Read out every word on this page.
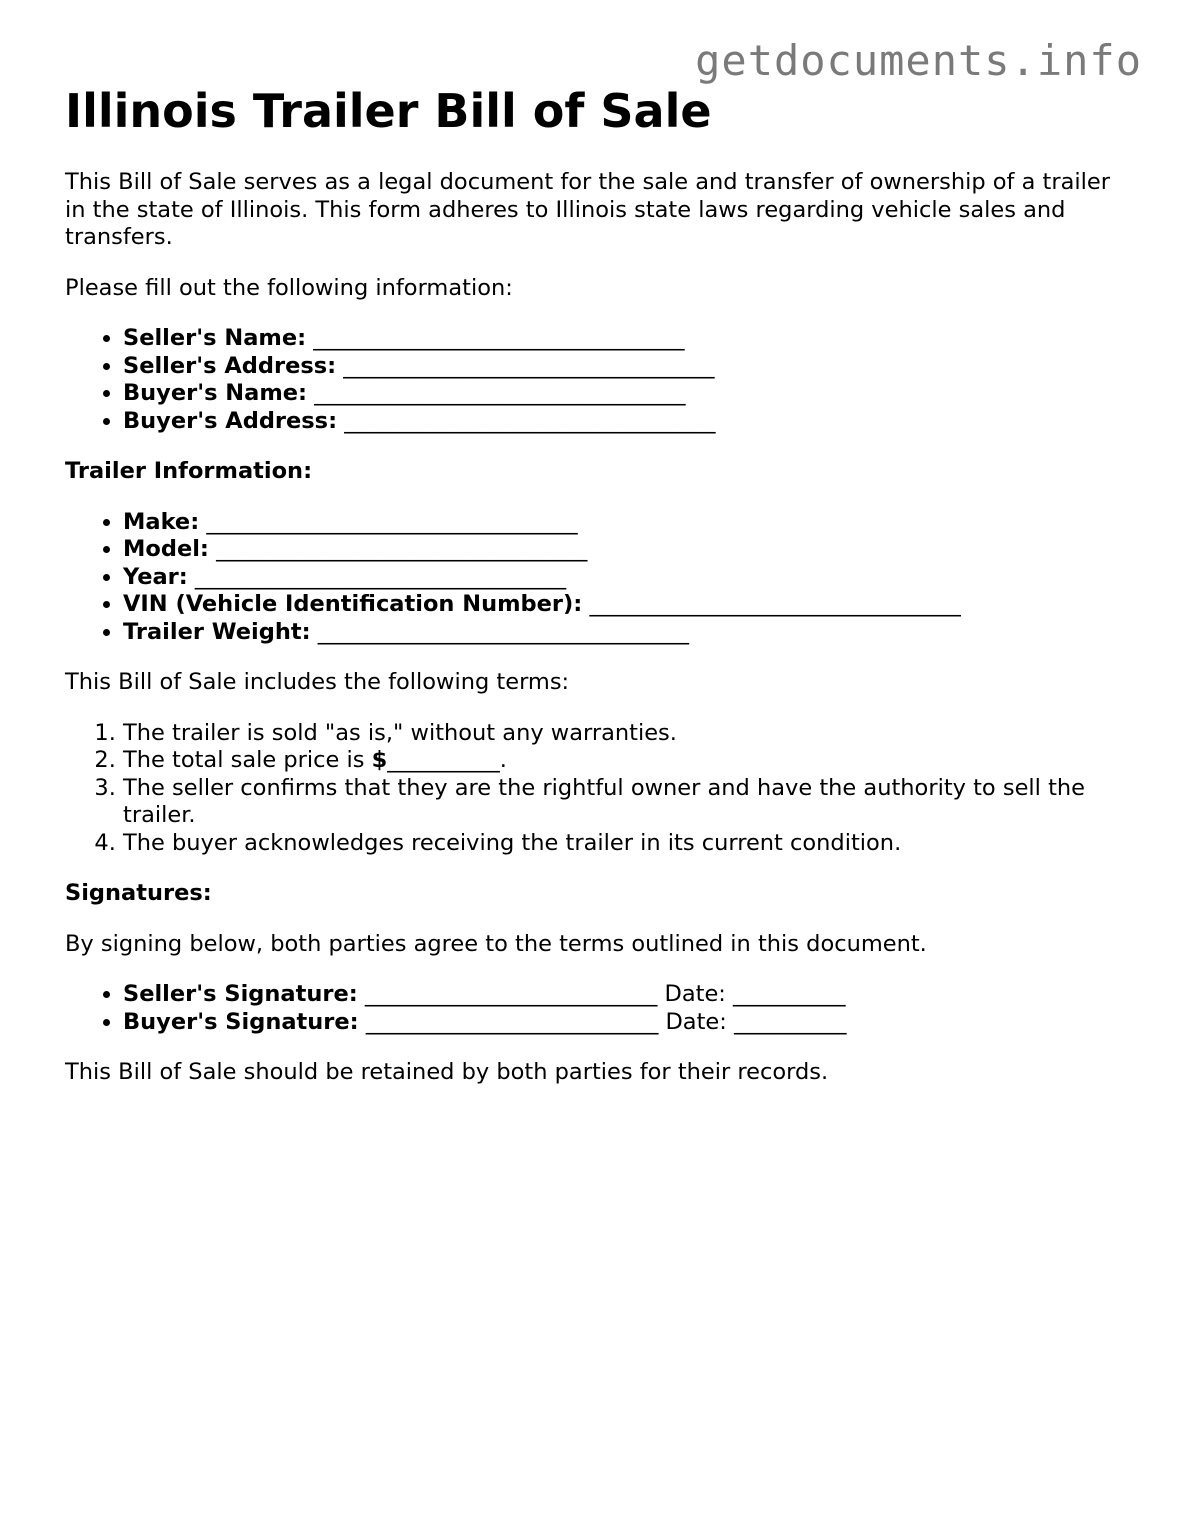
getdocuments.info
Illinois Trailer Bill of Sale

This Bill of Sale serves as a legal document for the sale and transfer of ownership of a trailer in the state of Illinois. This form adheres to Illinois state laws regarding vehicle sales and transfers.

Please fill out the following information:

• Seller's Name: _________________________________
• Seller's Address: _________________________________
• Buyer's Name: _________________________________
• Buyer's Address: _________________________________

Trailer Information:

• Make: _________________________________
• Model: _________________________________
• Year: _________________________________
• VIN (Vehicle Identification Number): _________________________________
• Trailer Weight: _________________________________

This Bill of Sale includes the following terms:

1. The trailer is sold "as is," without any warranties.
2. The total sale price is $__________.
3. The seller confirms that they are the rightful owner and have the authority to sell the trailer.
4. The buyer acknowledges receiving the trailer in its current condition.

Signatures:

By signing below, both parties agree to the terms outlined in this document.

• Seller's Signature: __________________________ Date: __________
• Buyer's Signature: __________________________ Date: __________

This Bill of Sale should be retained by both parties for their records.
